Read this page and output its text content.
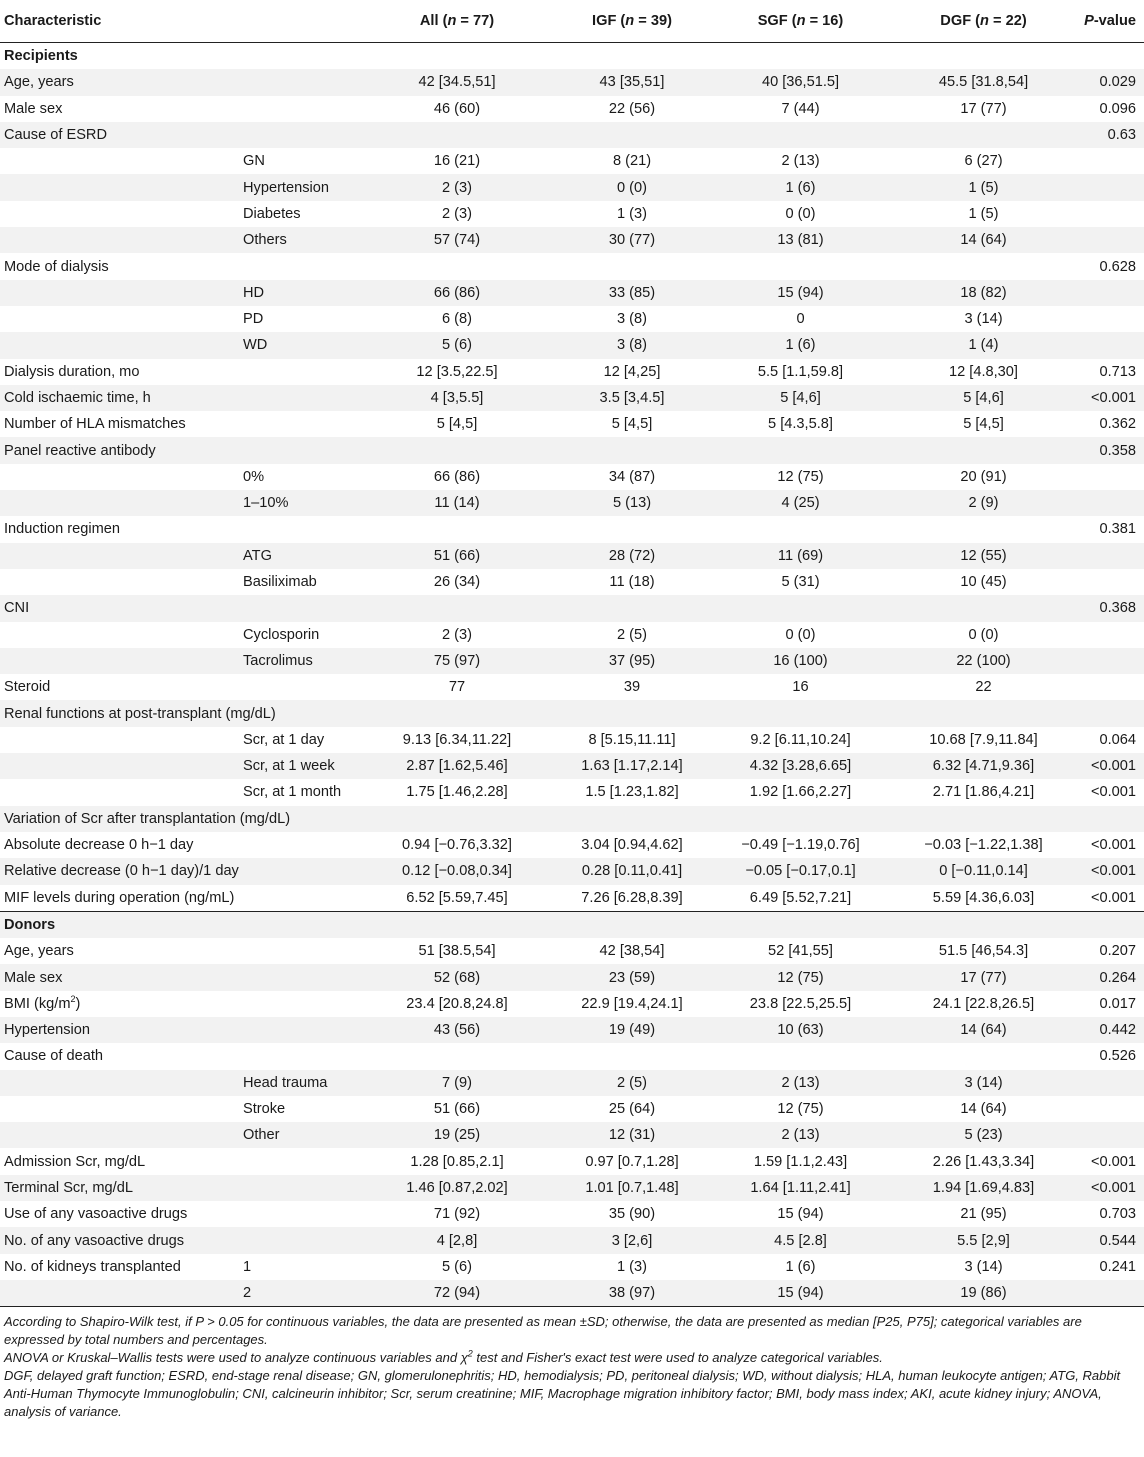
Characteristic		All (n = 77)	IGF (n = 39)	SGF (n = 16)	DGF (n = 22)	P-value
Recipients						
Age, years		42 [34.5,51]	43 [35,51]	40 [36,51.5]	45.5 [31.8,54]	0.029
Male sex		46 (60)	22 (56)	7 (44)	17 (77)	0.096
Cause of ESRD						0.63
	GN	16 (21)	8 (21)	2 (13)	6 (27)	
	Hypertension	2 (3)	0 (0)	1 (6)	1 (5)	
	Diabetes	2 (3)	1 (3)	0 (0)	1 (5)	
	Others	57 (74)	30 (77)	13 (81)	14 (64)	
Mode of dialysis						0.628
	HD	66 (86)	33 (85)	15 (94)	18 (82)	
	PD	6 (8)	3 (8)	0	3 (14)	
	WD	5 (6)	3 (8)	1 (6)	1 (4)	
Dialysis duration, mo		12 [3.5,22.5]	12 [4,25]	5.5 [1.1,59.8]	12 [4.8,30]	0.713
Cold ischaemic time, h		4 [3,5.5]	3.5 [3,4.5]	5 [4,6]	5 [4,6]	<0.001
Number of HLA mismatches		5 [4,5]	5 [4,5]	5 [4.3,5.8]	5 [4,5]	0.362
Panel reactive antibody						0.358
	0%	66 (86)	34 (87)	12 (75)	20 (91)	
	1–10%	11 (14)	5 (13)	4 (25)	2 (9)	
Induction regimen						0.381
	ATG	51 (66)	28 (72)	11 (69)	12 (55)	
	Basiliximab	26 (34)	11 (18)	5 (31)	10 (45)	
CNI						0.368
	Cyclosporin	2 (3)	2 (5)	0 (0)	0 (0)	
	Tacrolimus	75 (97)	37 (95)	16 (100)	22 (100)	
Steroid		77	39	16	22	
Renal functions at post-transplant (mg/dL)						
	Scr, at 1 day	9.13 [6.34,11.22]	8 [5.15,11.11]	9.2 [6.11,10.24]	10.68 [7.9,11.84]	0.064
	Scr, at 1 week	2.87 [1.62,5.46]	1.63 [1.17,2.14]	4.32 [3.28,6.65]	6.32 [4.71,9.36]	<0.001
	Scr, at 1 month	1.75 [1.46,2.28]	1.5 [1.23,1.82]	1.92 [1.66,2.27]	2.71 [1.86,4.21]	<0.001
Variation of Scr after transplantation (mg/dL)						
Absolute decrease 0 h−1 day		0.94 [−0.76,3.32]	3.04 [0.94,4.62]	−0.49 [−1.19,0.76]	−0.03 [−1.22,1.38]	<0.001
Relative decrease (0 h−1 day)/1 day		0.12 [−0.08,0.34]	0.28 [0.11,0.41]	−0.05 [−0.17,0.1]	0 [−0.11,0.14]	<0.001
MIF levels during operation (ng/mL)		6.52 [5.59,7.45]	7.26 [6.28,8.39]	6.49 [5.52,7.21]	5.59 [4.36,6.03]	<0.001
Donors						
Age, years		51 [38.5,54]	42 [38,54]	52 [41,55]	51.5 [46,54.3]	0.207
Male sex		52 (68)	23 (59)	12 (75)	17 (77)	0.264
BMI $(kg/m^2)$		23.4 [20.8,24.8]	22.9 [19.4,24.1]	23.8 [22.5,25.5]	24.1 [22.8,26.5]	0.017
Hypertension		43 (56)	19 (49)	10 (63)	14 (64)	0.442
Cause of death						0.526
	Head trauma	7 (9)	2 (5)	2 (13)	3 (14)	
	Stroke	51 (66)	25 (64)	12 (75)	14 (64)	
	Other	19 (25)	12 (31)	2 (13)	5 (23)	
Admission Scr, mg/dL		1.28 [0.85,2.1]	0.97 [0.7,1.28]	1.59 [1.1,2.43]	2.26 [1.43,3.34]	<0.001
Terminal Scr, mg/dL		1.46 [0.87,2.02]	1.01 [0.7,1.48]	1.64 [1.11,2.41]	1.94 [1.69,4.83]	<0.001
Use of any vasoactive drugs		71 (92)	35 (90)	15 (94)	21 (95)	0.703
No. of any vasoactive drugs		4 [2,8]	3 [2,6]	4.5 [2.8]	5.5 [2,9]	0.544
No. of kidneys transplanted	1	5 (6)	1 (3)	1 (6)	3 (14)	0.241
	2	72 (94)	38 (97)	15 (94)	19 (86)	

According to Shapiro-Wilk test, if P > 0.05 for continuous variables, the data are presented as mean ±SD; otherwise, the data are presented as median [P25, P75]; categorical variables are expressed by total numbers and percentages.

ANOVA or Kruskal–Wallis tests were used to analyze continuous variables and $\chi^2$ test and Fisher's exact test were used to analyze categorical variables.

DGF, delayed graft function; ESRD, end-stage renal disease; GN, glomerulonephritis; HD, hemodialysis; PD, peritoneal dialysis; WD, without dialysis; HLA, human leukocyte antigen; ATG, Rabbit Anti-Human Thymocyte Immunoglobulin; CNI, calcineurin inhibitor; Scr, serum creatinine; MIF, Macrophage migration inhibitory factor; BMI, body mass index; AKI, acute kidney injury; ANOVA, analysis of variance.
